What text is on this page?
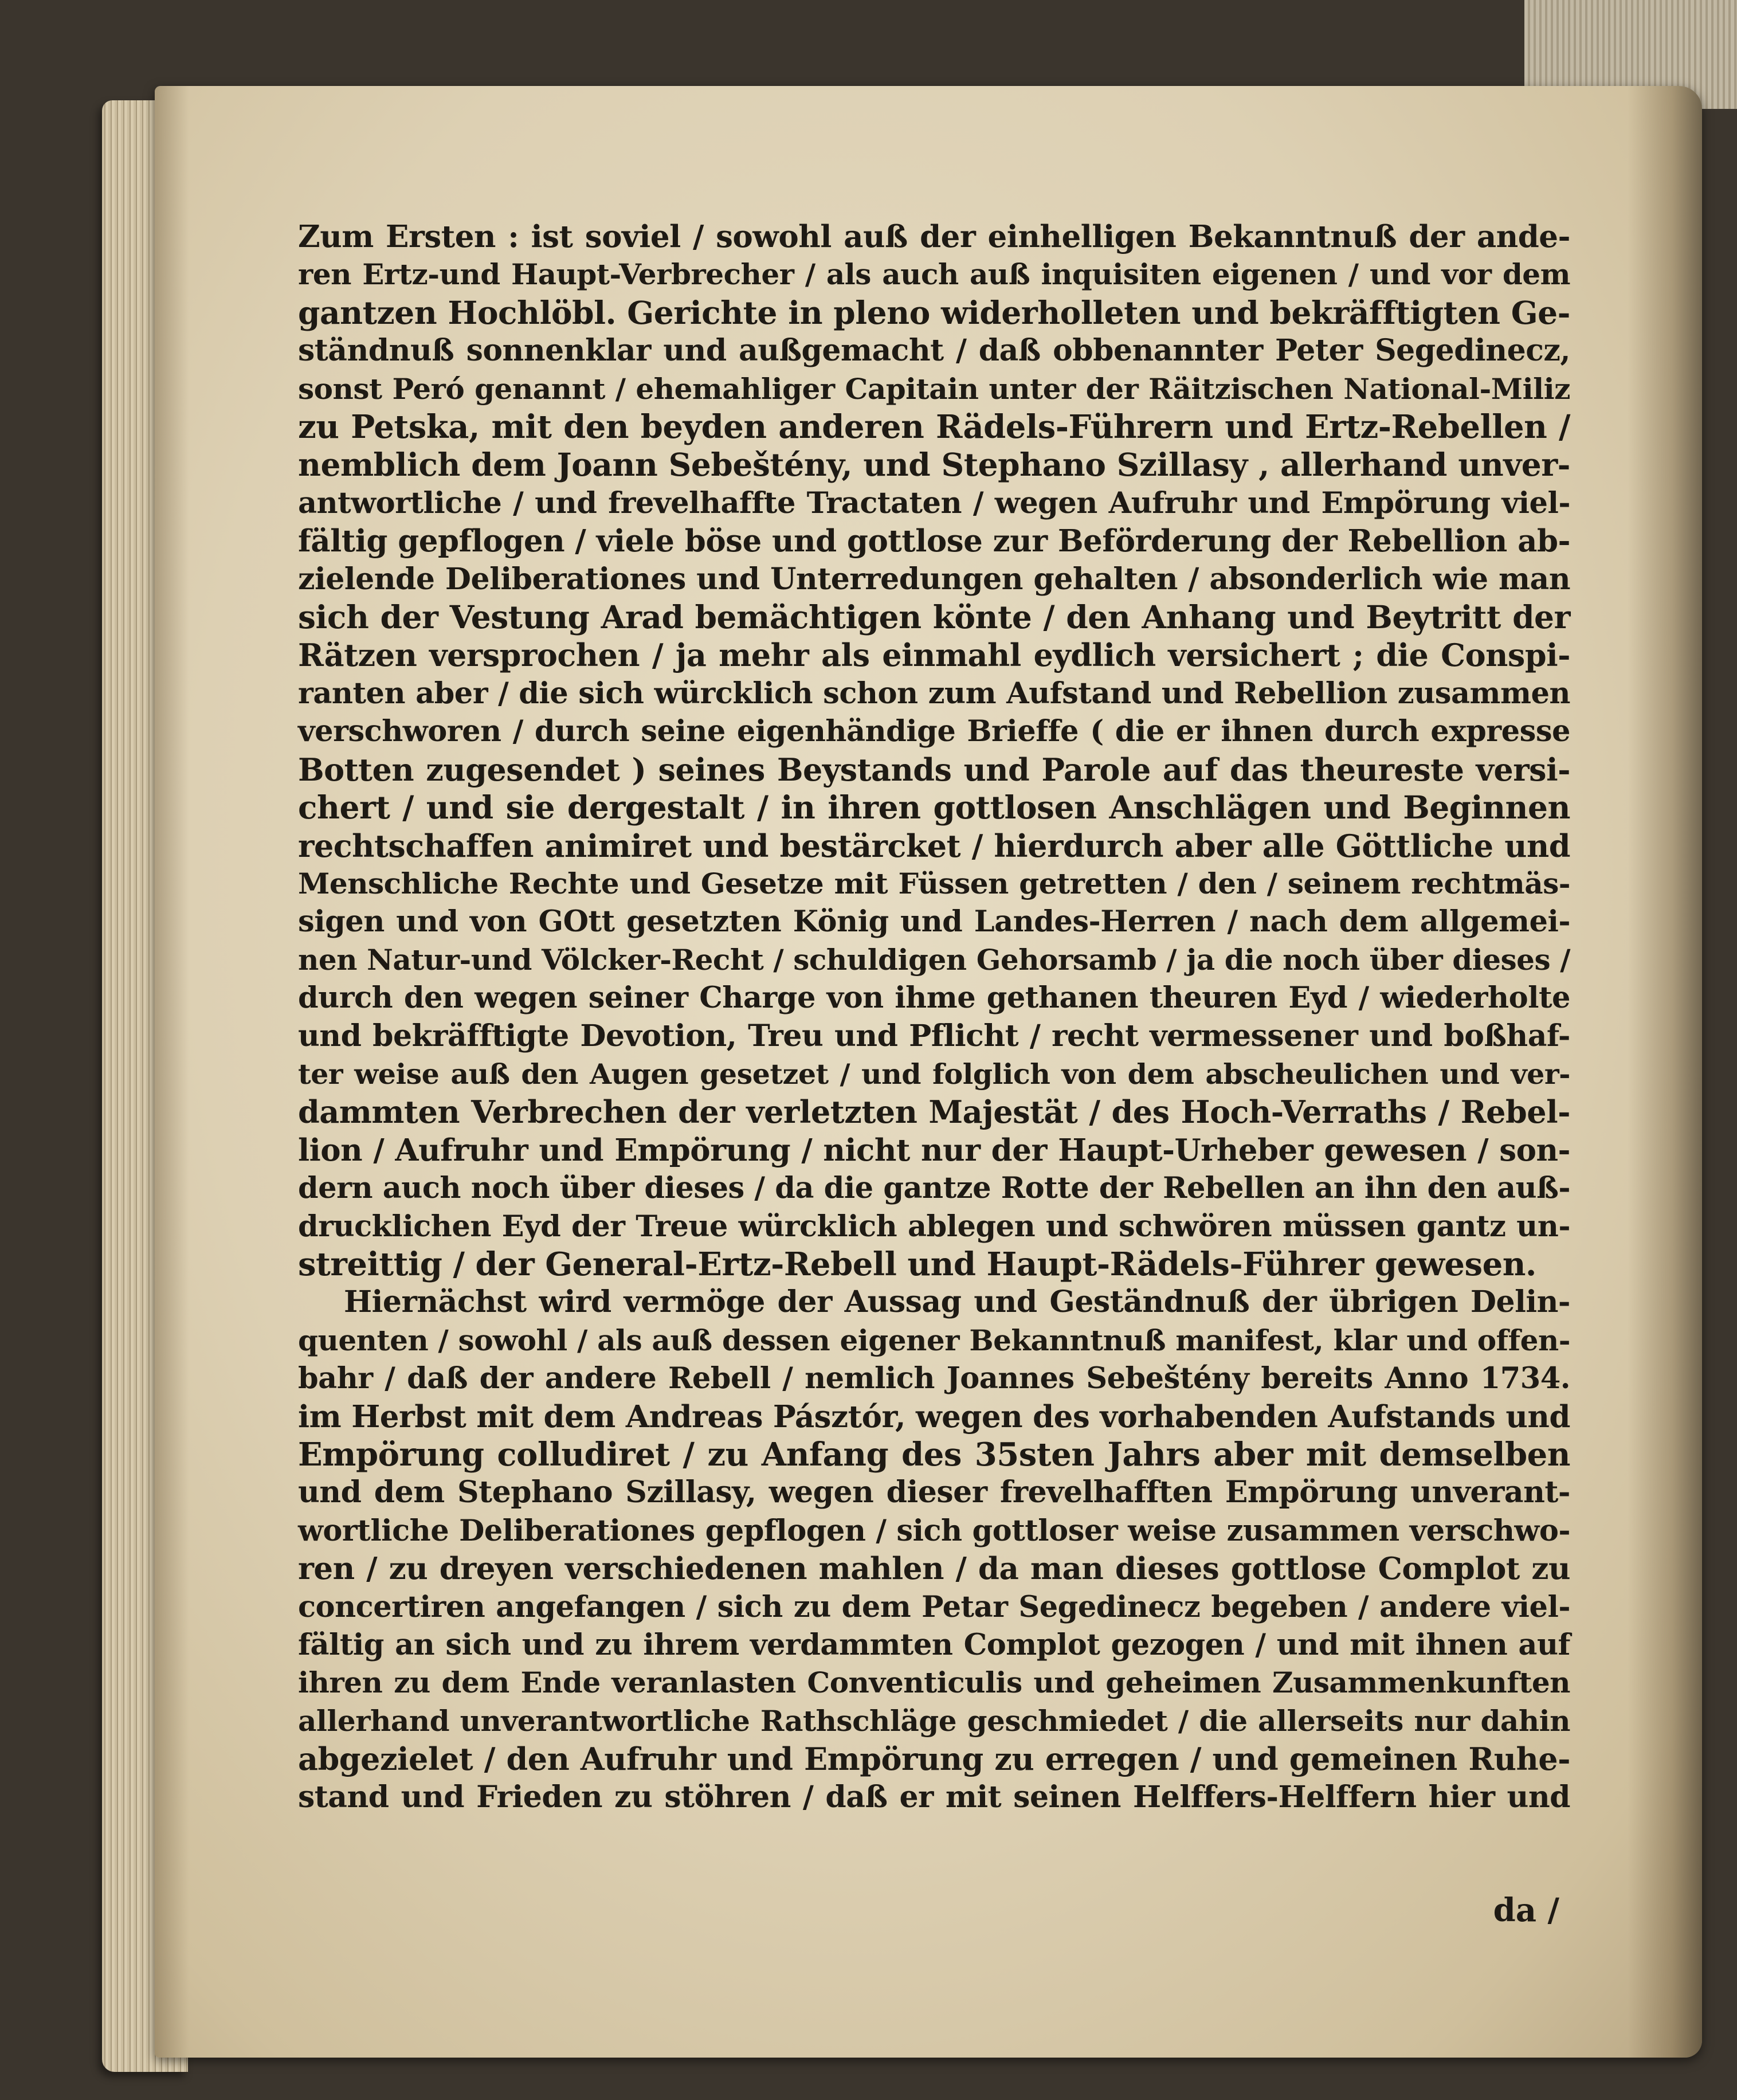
Zum Ersten : ist soviel / sowohl auß der einhelligen Bekanntnuß der ande-
ren Ertz-und Haupt-Verbrecher / als auch auß inquisiten eigenen / und vor dem
gantzen Hochlöbl. Gerichte in pleno widerholleten und bekräfftigten Ge-
ständnuß sonnenklar und außgemacht / daß obbenannter Peter Segedinecz,
sonst Peró genannt / ehemahliger Capitain unter der Räitzischen National-Miliz
zu Petska, mit den beyden anderen Rädels-Führern und Ertz-Rebellen /
nemblich dem Joann Sebeštény, und Stephano Szillasy , allerhand unver-
antwortliche / und frevelhaffte Tractaten / wegen Aufruhr und Empörung viel-
fältig gepflogen / viele böse und gottlose zur Beförderung der Rebellion ab-
zielende Deliberationes und Unterredungen gehalten / absonderlich wie man
sich der Vestung Arad bemächtigen könte / den Anhang und Beytritt der
Rätzen versprochen / ja mehr als einmahl eydlich versichert ; die Conspi-
ranten aber / die sich würcklich schon zum Aufstand und Rebellion zusammen
verschworen / durch seine eigenhändige Brieffe ( die er ihnen durch expresse
Botten zugesendet ) seines Beystands und Parole auf das theureste versi-
chert / und sie dergestalt / in ihren gottlosen Anschlägen und Beginnen
rechtschaffen animiret und bestärcket / hierdurch aber alle Göttliche und
Menschliche Rechte und Gesetze mit Füssen getretten / den / seinem rechtmäs-
sigen und von GOtt gesetzten König und Landes-Herren / nach dem allgemei-
nen Natur-und Völcker-Recht / schuldigen Gehorsamb / ja die noch über dieses /
durch den wegen seiner Charge von ihme gethanen theuren Eyd / wiederholte
und bekräfftigte Devotion, Treu und Pflicht / recht vermessener und boßhaf-
ter weise auß den Augen gesetzet / und folglich von dem abscheulichen und ver-
dammten Verbrechen der verletzten Majestät / des Hoch-Verraths / Rebel-
lion / Aufruhr und Empörung / nicht nur der Haupt-Urheber gewesen / son-
dern auch noch über dieses / da die gantze Rotte der Rebellen an ihn den auß-
drucklichen Eyd der Treue würcklich ablegen und schwören müssen gantz un-
streittig / der General-Ertz-Rebell und Haupt-Rädels-Führer gewesen.

Hiernächst wird vermöge der Aussag und Geständnuß der übrigen Delin-
quenten / sowohl / als auß dessen eigener Bekanntnuß manifest, klar und offen-
bahr / daß der andere Rebell / nemlich Joannes Sebeštény bereits Anno 1734.
im Herbst mit dem Andreas Pásztór, wegen des vorhabenden Aufstands und
Empörung colludiret / zu Anfang des 35sten Jahrs aber mit demselben
und dem Stephano Szillasy, wegen dieser frevelhafften Empörung unverant-
wortliche Deliberationes gepflogen / sich gottloser weise zusammen verschwo-
ren / zu dreyen verschiedenen mahlen / da man dieses gottlose Complot zu
concertiren angefangen / sich zu dem Petar Segedinecz begeben / andere viel-
fältig an sich und zu ihrem verdammten Complot gezogen / und mit ihnen auf
ihren zu dem Ende veranlasten Conventiculis und geheimen Zusammenkunften
allerhand unverantwortliche Rathschläge geschmiedet / die allerseits nur dahin
abgezielet / den Aufruhr und Empörung zu erregen / und gemeinen Ruhe-
stand und Frieden zu stöhren / daß er mit seinen Helffers-Helffern hier und

da /
